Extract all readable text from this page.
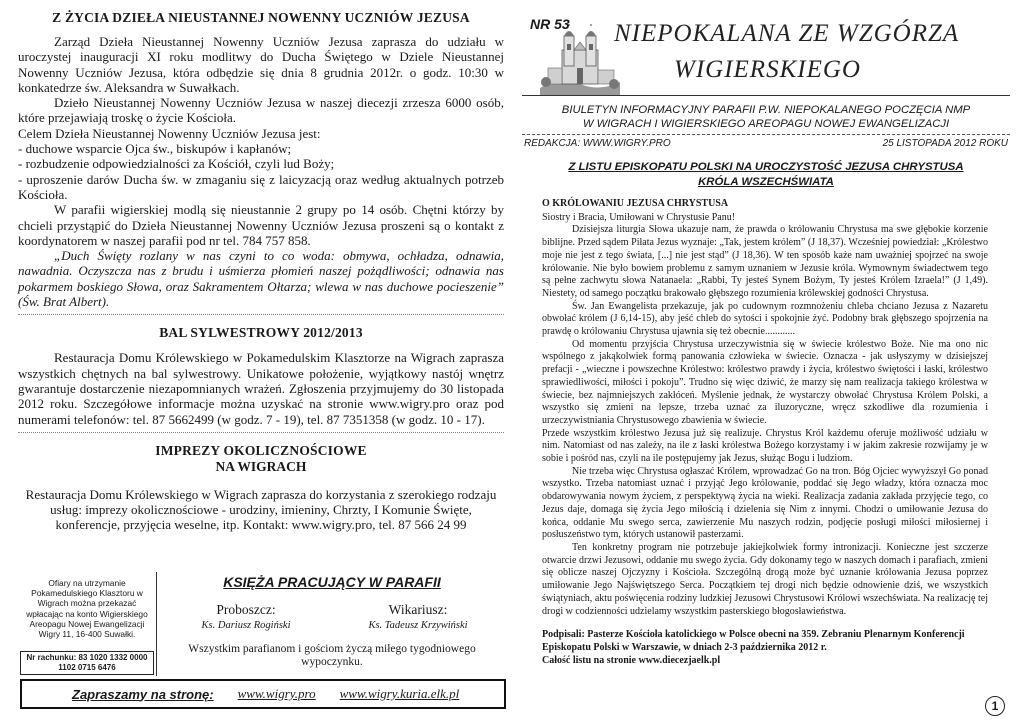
Z ŻYCIA DZIEŁA NIEUSTANNEJ NOWENNY UCZNIÓW JEZUSA

Zarząd Dzieła Nieustannej Nowenny Uczniów Jezusa zaprasza do udziału w uroczystej inauguracji XI roku modlitwy do Ducha Świętego w Dziele Nieustannej Nowenny Uczniów Jezusa, która odbędzie się dnia 8 grudnia 2012r. o godz. 10:30 w konkatedrze św. Aleksandra w Suwałkach.

Dzieło Nieustannej Nowenny Uczniów Jezusa w naszej diecezji zrzesza 6000 osób, które przejawiają troskę o życie Kościoła.

Celem Dzieła Nieustannej Nowenny Uczniów Jezusa jest:

- duchowe wsparcie Ojca św., biskupów i kapłanów;

- rozbudzenie odpowiedzialności za Kościół, czyli lud Boży;

- uproszenie darów Ducha św. w zmaganiu się z laicyzacją oraz według aktualnych potrzeb Kościoła.

W parafii wigierskiej modlą się nieustannie 2 grupy po 14 osób. Chętni którzy by chcieli przystąpić do Dzieła Nieustannej Nowenny Uczniów Jezusa proszeni są o kontakt z koordynatorem w naszej parafii pod nr tel. 784 757 858.

„Duch Święty rozlany w nas czyni to co woda: obmywa, ochładza, odnawia, nawadnia. Oczyszcza nas z brudu i uśmierza płomień naszej pożądliwości; odnawia nas pokarmem boskiego Słowa, oraz Sakramentem Ołtarza; wlewa w nas duchowe pocieszenie” (Św. Brat Albert).

BAL SYLWESTROWY 2012/2013

Restauracja Domu Królewskiego w Pokamedulskim Klasztorze na Wigrach zaprasza wszystkich chętnych na bal sylwestrowy. Unikatowe położenie, wyjątkowy nastój wnętrz gwarantuje dostarczenie niezapomnianych wrażeń. Zgłoszenia przyjmujemy do 30 listopada 2012 roku. Szczegółowe informacje można uzyskać na stronie www.wigry.pro oraz pod numerami telefonów: tel. 87 5662499 (w godz. 7 - 19), tel. 87 7351358 (w godz. 10 - 17).

IMPREZY OKOLICZNOŚCIOWE
NA WIGRACH

Restauracja Domu Królewskiego w Wigrach zaprasza do korzystania z szerokiego rodzaju usług: imprezy okolicznościowe - urodziny, imieniny, Chrzty, I Komunie Święte, konferencje, przyjęcia weselne, itp. Kontakt: www.wigry.pro, tel. 87 566 24 99

Ofiary na utrzymanie Pokamedulskiego Klasztoru w Wigrach można przekazać wpłacając na konto Wigierskiego Areopagu Nowej Ewangelizacji Wigry 11, 16-400 Suwałki.
Nr rachunku: 83 1020 1332 0000 1102 0715 6476
KSIĘŻA PRACUJĄCY W PARAFII
Proboszcz:
Ks. Dariusz Rogiński
Wikariusz:
Ks. Tadeusz Krzywiński
Wszystkim parafianom i gościom życzą miłego tygodniowego wypoczynku.
Zapraszamy na stronę: www.wigry.pro www.wigry.kuria.elk.pl
NR 53 NIEPOKALANA ZE WZGÓRZA
WIGIERSKIEGO
BIULETYN INFORMACYJNY PARAFII P.W. NIEPOKALANEGO POCZĘCIA NMP
W WIGRACH I WIGIERSKIEGO AREOPAGU NOWEJ EWANGELIZACJI
REDAKCJA: WWW.WIGRY.PRO	25 LISTOPADA 2012 ROKU
Z LISTU EPISKOPATU POLSKI NA UROCZYSTOŚĆ JEZUSA CHRYSTUSA
KRÓLA WSZECHŚWIATA

O KRÓLOWANIU JEZUSA CHRYSTUSA

Siostry i Bracia, Umiłowani w Chrystusie Panu!

Dzisiejsza liturgia Słowa ukazuje nam, że prawda o królowaniu Chrystusa ma swe głębokie korzenie biblijne. Przed sądem Piłata Jezus wyznaje: „Tak, jestem królem” (J 18,37). Wcześniej powiedział: „Królestwo moje nie jest z tego świata, [...] nie jest stąd” (J 18,36). W ten sposób każe nam uważniej spojrzeć na swoje królowanie. Nie było bowiem problemu z samym uznaniem w Jezusie króla. Wymownym świadectwem tego są pełne zachwytu słowa Natanaela: „Rabbi, Ty jesteś Synem Bożym, Ty jesteś Królem Izraela!” (J 1,49). Niestety, od samego początku brakowało głębszego rozumienia królewskiej godności Chrystusa.

Św. Jan Ewangelista przekazuje, jak po cudownym rozmnożeniu chleba chciano Jezusa z Nazaretu obwołać królem (J 6,14-15), aby jeść chleb do sytości i spokojnie żyć. Podobny brak głębszego spojrzenia na prawdę o królowaniu Chrystusa ujawnia się też obecnie............

Od momentu przyjścia Chrystusa urzeczywistnia się w świecie królestwo Boże. Nie ma ono nic wspólnego z jakąkolwiek formą panowania człowieka w świecie. Oznacza - jak usłyszymy w dzisiejszej prefacji - „wieczne i powszechne Królestwo: królestwo prawdy i życia, królestwo świętości i łaski, królestwo sprawiedliwości, miłości i pokoju”. Trudno się więc dziwić, że marzy się nam realizacja takiego królestwa w świecie, bez najmniejszych zakłóceń. Myślenie jednak, że wystarczy obwołać Chrystusa Królem Polski, a wszystko się zmieni na lepsze, trzeba uznać za iluzoryczne, wręcz szkodliwe dla rozumienia i urzeczywistniania Chrystusowego zbawienia w świecie.

Przede wszystkim królestwo Jezusa już się realizuje. Chrystus Król każdemu oferuje możliwość udziału w nim. Natomiast od nas zależy, na ile z łaski królestwa Bożego korzystamy i w jakim zakresie rozwijamy je w sobie i pośród nas, czyli na ile postępujemy jak Jezus, służąc Bogu i ludziom.

Nie trzeba więc Chrystusa ogłaszać Królem, wprowadzać Go na tron. Bóg Ojciec wywyższył Go ponad wszystko. Trzeba natomiast uznać i przyjąć Jego królowanie, poddać się Jego władzy, która oznacza moc obdarowywania nowym życiem, z perspektywą życia na wieki. Realizacja zadania zakłada przyjęcie tego, co Jezus daje, domaga się życia Jego miłością i dzielenia się Nim z innymi. Chodzi o umiłowanie Jezusa do końca, oddanie Mu swego serca, zawierzenie Mu naszych rodzin, podjęcie posługi miłości miłosiernej i posłuszeństwo tym, których ustanowił pasterzami.

Ten konkretny program nie potrzebuje jakiejkolwiek formy intronizacji. Konieczne jest szczerze otwarcie drzwi Jezusowi, oddanie mu swego życia. Gdy dokonamy tego w naszych domach i parafiach, zmieni się oblicze naszej Ojczyzny i Kościoła. Szczególną drogą może być uznanie królowania Jezusa poprzez umiłowanie Jego Najświętszego Serca. Początkiem tej drogi nich będzie odnowienie dziś, we wszystkich świątyniach, aktu poświęcenia rodziny ludzkiej Jezusowi Chrystusowi Królowi wszechświata. Na realizację tej drogi w codzienności udzielamy wszystkim pasterskiego błogosławieństwa.

Podpisali: Pasterze Kościoła katolickiego w Polsce obecni na 359. Zebraniu Plenarnym Konferencji Episkopatu Polski w Warszawie, w dniach 2-3 października 2012 r.
Całość listu na stronie www.diecezjaelk.pl
1
